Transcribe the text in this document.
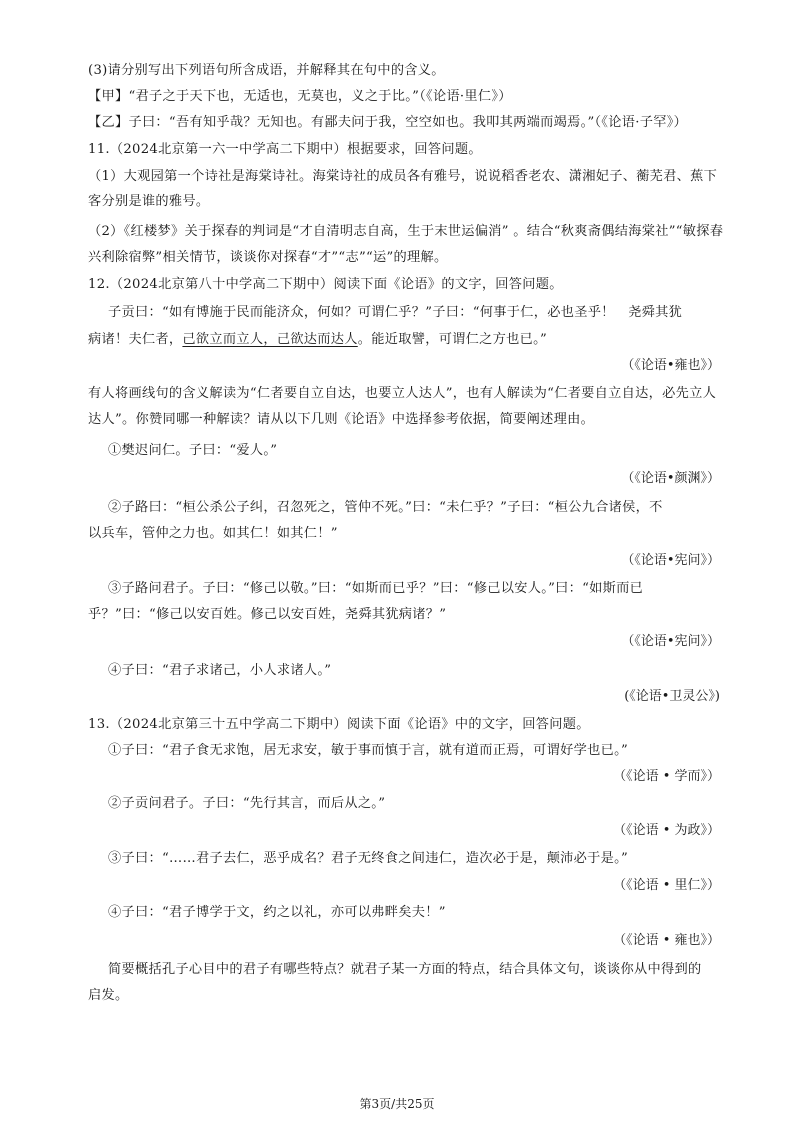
(3)请分别写出下列语句所含成语，并解释其在句中的含义。
【甲】“君子之于天下也，无适也，无莫也，义之于比。”（《论语·里仁》）
【乙】子曰：“吾有知乎哉？无知也。有鄙夫问于我，空空如也。我叩其两端而竭焉。”（《论语·子罕》）
11.（2024北京第一六一中学高二下期中）根据要求，回答问题。
（1）大观园第一个诗社是海棠诗社。海棠诗社的成员各有雅号，说说稻香老农、潇湘妃子、蘅芜君、蕉下
客分别是谁的雅号。
（2）《红楼梦》关于探春的判词是“才自清明志自高，生于末世运偏消” 。结合“秋爽斋偶结海棠社”“敏探春
兴利除宿弊”相关情节，谈谈你对探春“才”“志”“运”的理解。
12.（2024北京第八十中学高二下期中）阅读下面《论语》的文字，回答问题。
子贡曰：“如有博施于民而能济众，何如？可谓仁乎？”子曰：“何事于仁，必也圣乎！　尧舜其犹
病诸！夫仁者，己欲立而立人，己欲达而达人。能近取譬，可谓仁之方也已。”
（《论语•雍也》）
有人将画线句的含义解读为“仁者要自立自达，也要立人达人”，也有人解读为“仁者要自立自达，必先立人
达人”。你赞同哪一种解读？请从以下几则《论语》中选择参考依据，简要阐述理由。
①樊迟问仁。子曰：“爱人。”
（《论语•颜渊》）
②子路曰：“桓公杀公子纠，召忽死之，管仲不死。”曰：“未仁乎？”子曰：“桓公九合诸侯，不
以兵车，管仲之力也。如其仁！如其仁！”
（《论语•宪问》）
③子路问君子。子曰：“修己以敬。”曰：“如斯而已乎？”曰：“修己以安人。”曰：“如斯而已
乎？”曰：“修己以安百姓。修己以安百姓，尧舜其犹病诸？”
（《论语•宪问》）
④子曰：“君子求诸己，小人求诸人。”
(《论语•卫灵公》)
13.（2024北京第三十五中学高二下期中）阅读下面《论语》中的文字，回答问题。
①子曰：“君子食无求饱，居无求安，敏于事而慎于言，就有道而正焉，可谓好学也已。”
（《论语 • 学而》）
②子贡问君子。子曰：“先行其言，而后从之。”
（《论语 • 为政》）
③子曰：“……君子去仁，恶乎成名？君子无终食之间违仁，造次必于是，颠沛必于是。”
（《论语 • 里仁》）
④子曰：“君子博学于文，约之以礼，亦可以弗畔矣夫！”
（《论语 • 雍也》）
简要概括孔子心目中的君子有哪些特点？就君子某一方面的特点，结合具体文句，谈谈你从中得到的
启发。
第3页/共25页
